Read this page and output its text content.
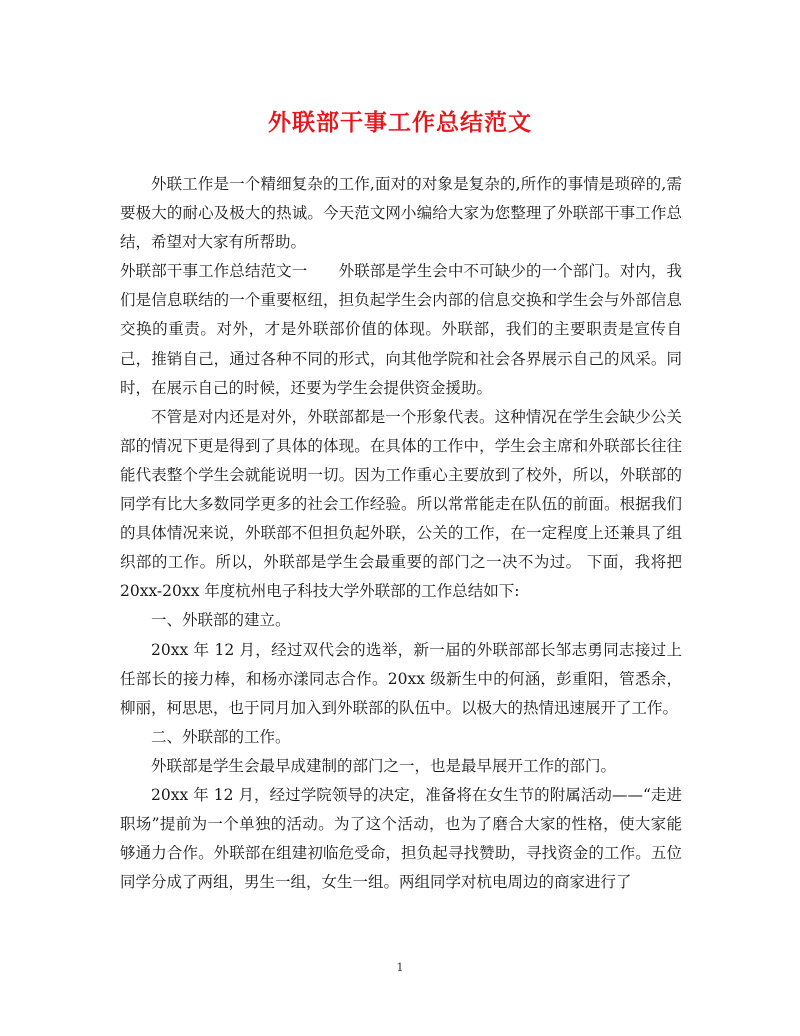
外联部干事工作总结范文

外联工作是一个精细复杂的工作,面对的对象是复杂的,所作的事情是琐碎的,需要极大的耐心及极大的热诚。今天范文网小编给大家为您整理了外联部干事工作总结，希望对大家有所帮助。

外联部干事工作总结范文一　　外联部是学生会中不可缺少的一个部门。对内，我们是信息联结的一个重要枢纽，担负起学生会内部的信息交换和学生会与外部信息交换的重责。对外，才是外联部价值的体现。外联部，我们的主要职责是宣传自己，推销自己，通过各种不同的形式，向其他学院和社会各界展示自己的风采。同时，在展示自己的时候，还要为学生会提供资金援助。

不管是对内还是对外，外联部都是一个形象代表。这种情况在学生会缺少公关部的情况下更是得到了具体的体现。在具体的工作中，学生会主席和外联部长往往能代表整个学生会就能说明一切。因为工作重心主要放到了校外，所以，外联部的同学有比大多数同学更多的社会工作经验。所以常常能走在队伍的前面。根据我们的具体情况来说，外联部不但担负起外联，公关的工作，在一定程度上还兼具了组织部的工作。所以，外联部是学生会最重要的部门之一决不为过。 下面，我将把 20xx-20xx 年度杭州电子科技大学外联部的工作总结如下:

一、外联部的建立。

20xx 年 12 月，经过双代会的选举，新一届的外联部部长邹志勇同志接过上任部长的接力棒，和杨亦漾同志合作。20xx 级新生中的何涵，彭重阳，管悉余，柳丽，柯思思，也于同月加入到外联部的队伍中。以极大的热情迅速展开了工作。

二、外联部的工作。

外联部是学生会最早成建制的部门之一，也是最早展开工作的部门。

20xx 年 12 月，经过学院领导的决定，准备将在女生节的附属活动——“走进职场”提前为一个单独的活动。为了这个活动，也为了磨合大家的性格，使大家能够通力合作。外联部在组建初临危受命，担负起寻找赞助，寻找资金的工作。五位同学分成了两组，男生一组，女生一组。两组同学对杭电周边的商家进行了

1
